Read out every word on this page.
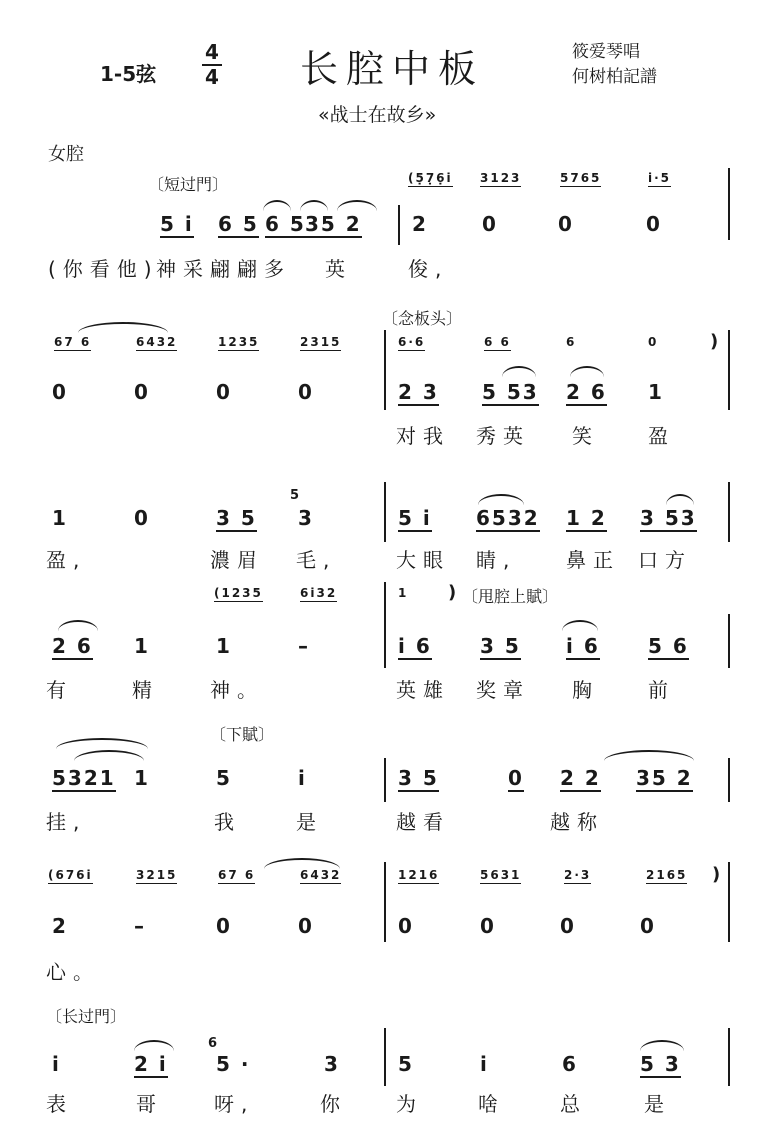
1-5弦
4
4 长腔中板	筱爱琴唱
何树柏記譜
«战士在故乡»
女腔
〔短过門〕	(5̣7̣6̣i 3123	5765	i·5
5 i 6 5 6 5 35 2	2	0	0	0
(你看他)
神采翩翩多 英	俊,
〔念板头〕
67 6	6432	1235	2315	6·6	6 6	6	0	)
0	0	0	0	2 3 5 53 2 6 1
对我 秀英 笑 盈
5
1	0	3 5 3	5 i 6532 1 2 3 53
盈,	濃眉 毛,	大眼 睛, 鼻正 口方
(1235	6i32	1 ) 〔甩腔上賦〕
2 6 1	1	–	i 6 3 5 i 6 5 6
有	精	神。	英雄 奖章 胸 前
〔下賦〕
5321 1	5	i	3 5	0 2 2 35 2
挂,	我	是	越看	越称
(676i	3215	67 6	6432	1216	5631	2·3	2165 )
2	–	0	0	0	0	0	0
心。
〔长过門〕
6
i	2 i 5 ·	3	5	i	6	5 3
表	哥	呀,	你 为	啥	总	是
